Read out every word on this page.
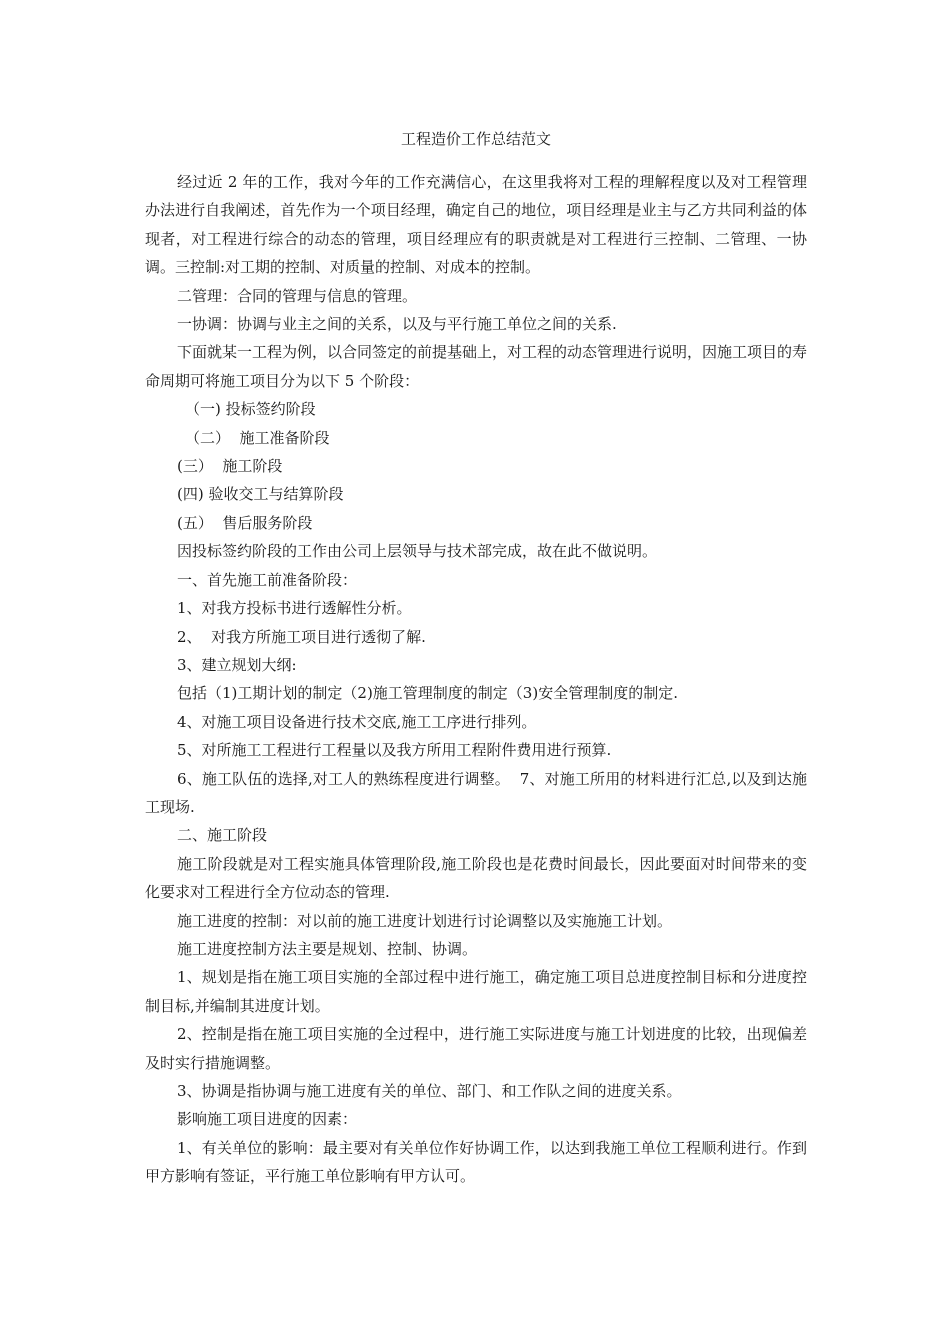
工程造价工作总结范文

经过近 2 年的工作，我对今年的工作充满信心，在这里我将对工程的理解程度以及对工程管理办法进行自我阐述，首先作为一个项目经理，确定自己的地位，项目经理是业主与乙方共同利益的体现者，对工程进行综合的动态的管理，项目经理应有的职责就是对工程进行三控制、二管理、一协调。三控制:对工期的控制、对质量的控制、对成本的控制。

二管理：合同的管理与信息的管理。

一协调：协调与业主之间的关系，以及与平行施工单位之间的关系.

下面就某一工程为例，以合同签定的前提基础上，对工程的动态管理进行说明，因施工项目的寿命周期可将施工项目分为以下 5 个阶段：

（一) 投标签约阶段

（二）  施工准备阶段

(三）  施工阶段

(四) 验收交工与结算阶段

(五）  售后服务阶段

因投标签约阶段的工作由公司上层领导与技术部完成，故在此不做说明。

一、首先施工前准备阶段：

1、对我方投标书进行透解性分析。

2、  对我方所施工项目进行透彻了解.

3、建立规划大纲:

包括（1)工期计划的制定（2)施工管理制度的制定（3)安全管理制度的制定.

4、对施工项目设备进行技术交底,施工工序进行排列。

5、对所施工工程进行工程量以及我方所用工程附件费用进行预算.

6、施工队伍的选择,对工人的熟练程度进行调整。  7、对施工所用的材料进行汇总,以及到达施工现场.

二、施工阶段

施工阶段就是对工程实施具体管理阶段,施工阶段也是花费时间最长，因此要面对时间带来的变化要求对工程进行全方位动态的管理.

施工进度的控制：对以前的施工进度计划进行讨论调整以及实施施工计划。

施工进度控制方法主要是规划、控制、协调。

1、规划是指在施工项目实施的全部过程中进行施工，确定施工项目总进度控制目标和分进度控制目标,并编制其进度计划。

2、控制是指在施工项目实施的全过程中，进行施工实际进度与施工计划进度的比较，出现偏差及时实行措施调整。

3、协调是指协调与施工进度有关的单位、部门、和工作队之间的进度关系。

影响施工项目进度的因素：

1、有关单位的影响：最主要对有关单位作好协调工作，以达到我施工单位工程顺利进行。作到甲方影响有签证，平行施工单位影响有甲方认可。
